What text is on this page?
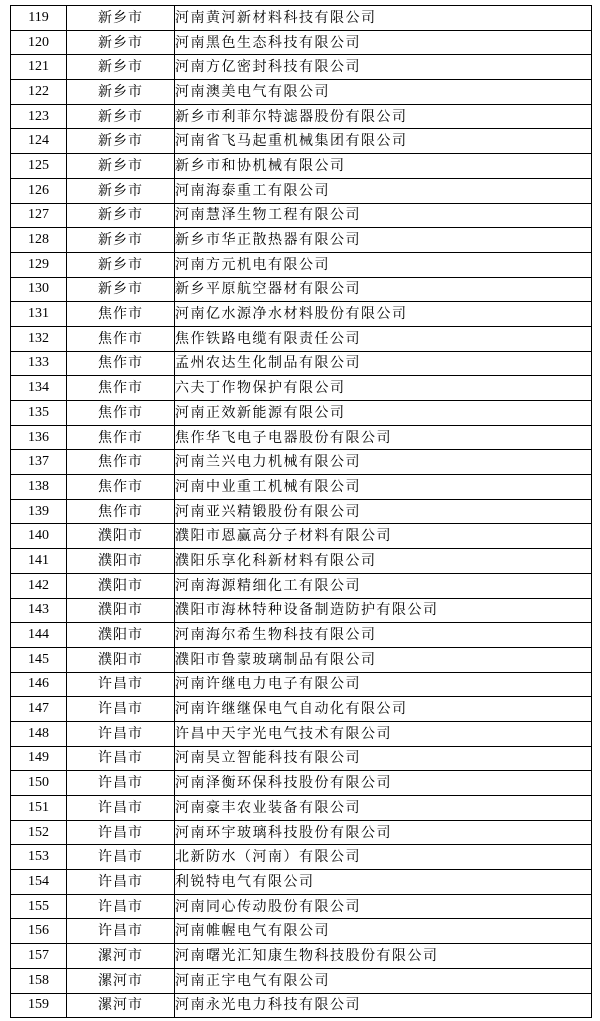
119	新乡市	河南黄河新材料科技有限公司
120	新乡市	河南黑色生态科技有限公司
121	新乡市	河南方亿密封科技有限公司
122	新乡市	河南澳美电气有限公司
123	新乡市	新乡市利菲尔特滤器股份有限公司
124	新乡市	河南省飞马起重机械集团有限公司
125	新乡市	新乡市和协机械有限公司
126	新乡市	河南海泰重工有限公司
127	新乡市	河南慧泽生物工程有限公司
128	新乡市	新乡市华正散热器有限公司
129	新乡市	河南方元机电有限公司
130	新乡市	新乡平原航空器材有限公司
131	焦作市	河南亿水源净水材料股份有限公司
132	焦作市	焦作铁路电缆有限责任公司
133	焦作市	孟州农达生化制品有限公司
134	焦作市	六夫丁作物保护有限公司
135	焦作市	河南正效新能源有限公司
136	焦作市	焦作华飞电子电器股份有限公司
137	焦作市	河南兰兴电力机械有限公司
138	焦作市	河南中业重工机械有限公司
139	焦作市	河南亚兴精锻股份有限公司
140	濮阳市	濮阳市恩赢高分子材料有限公司
141	濮阳市	濮阳乐享化科新材料有限公司
142	濮阳市	河南海源精细化工有限公司
143	濮阳市	濮阳市海林特种设备制造防护有限公司
144	濮阳市	河南海尔希生物科技有限公司
145	濮阳市	濮阳市鲁蒙玻璃制品有限公司
146	许昌市	河南许继电力电子有限公司
147	许昌市	河南许继继保电气自动化有限公司
148	许昌市	许昌中天宇光电气技术有限公司
149	许昌市	河南昊立智能科技有限公司
150	许昌市	河南泽衡环保科技股份有限公司
151	许昌市	河南豪丰农业装备有限公司
152	许昌市	河南环宇玻璃科技股份有限公司
153	许昌市	北新防水（河南）有限公司
154	许昌市	利锐特电气有限公司
155	许昌市	河南同心传动股份有限公司
156	许昌市	河南帷幄电气有限公司
157	漯河市	河南曙光汇知康生物科技股份有限公司
158	漯河市	河南正宇电气有限公司
159	漯河市	河南永光电力科技有限公司
